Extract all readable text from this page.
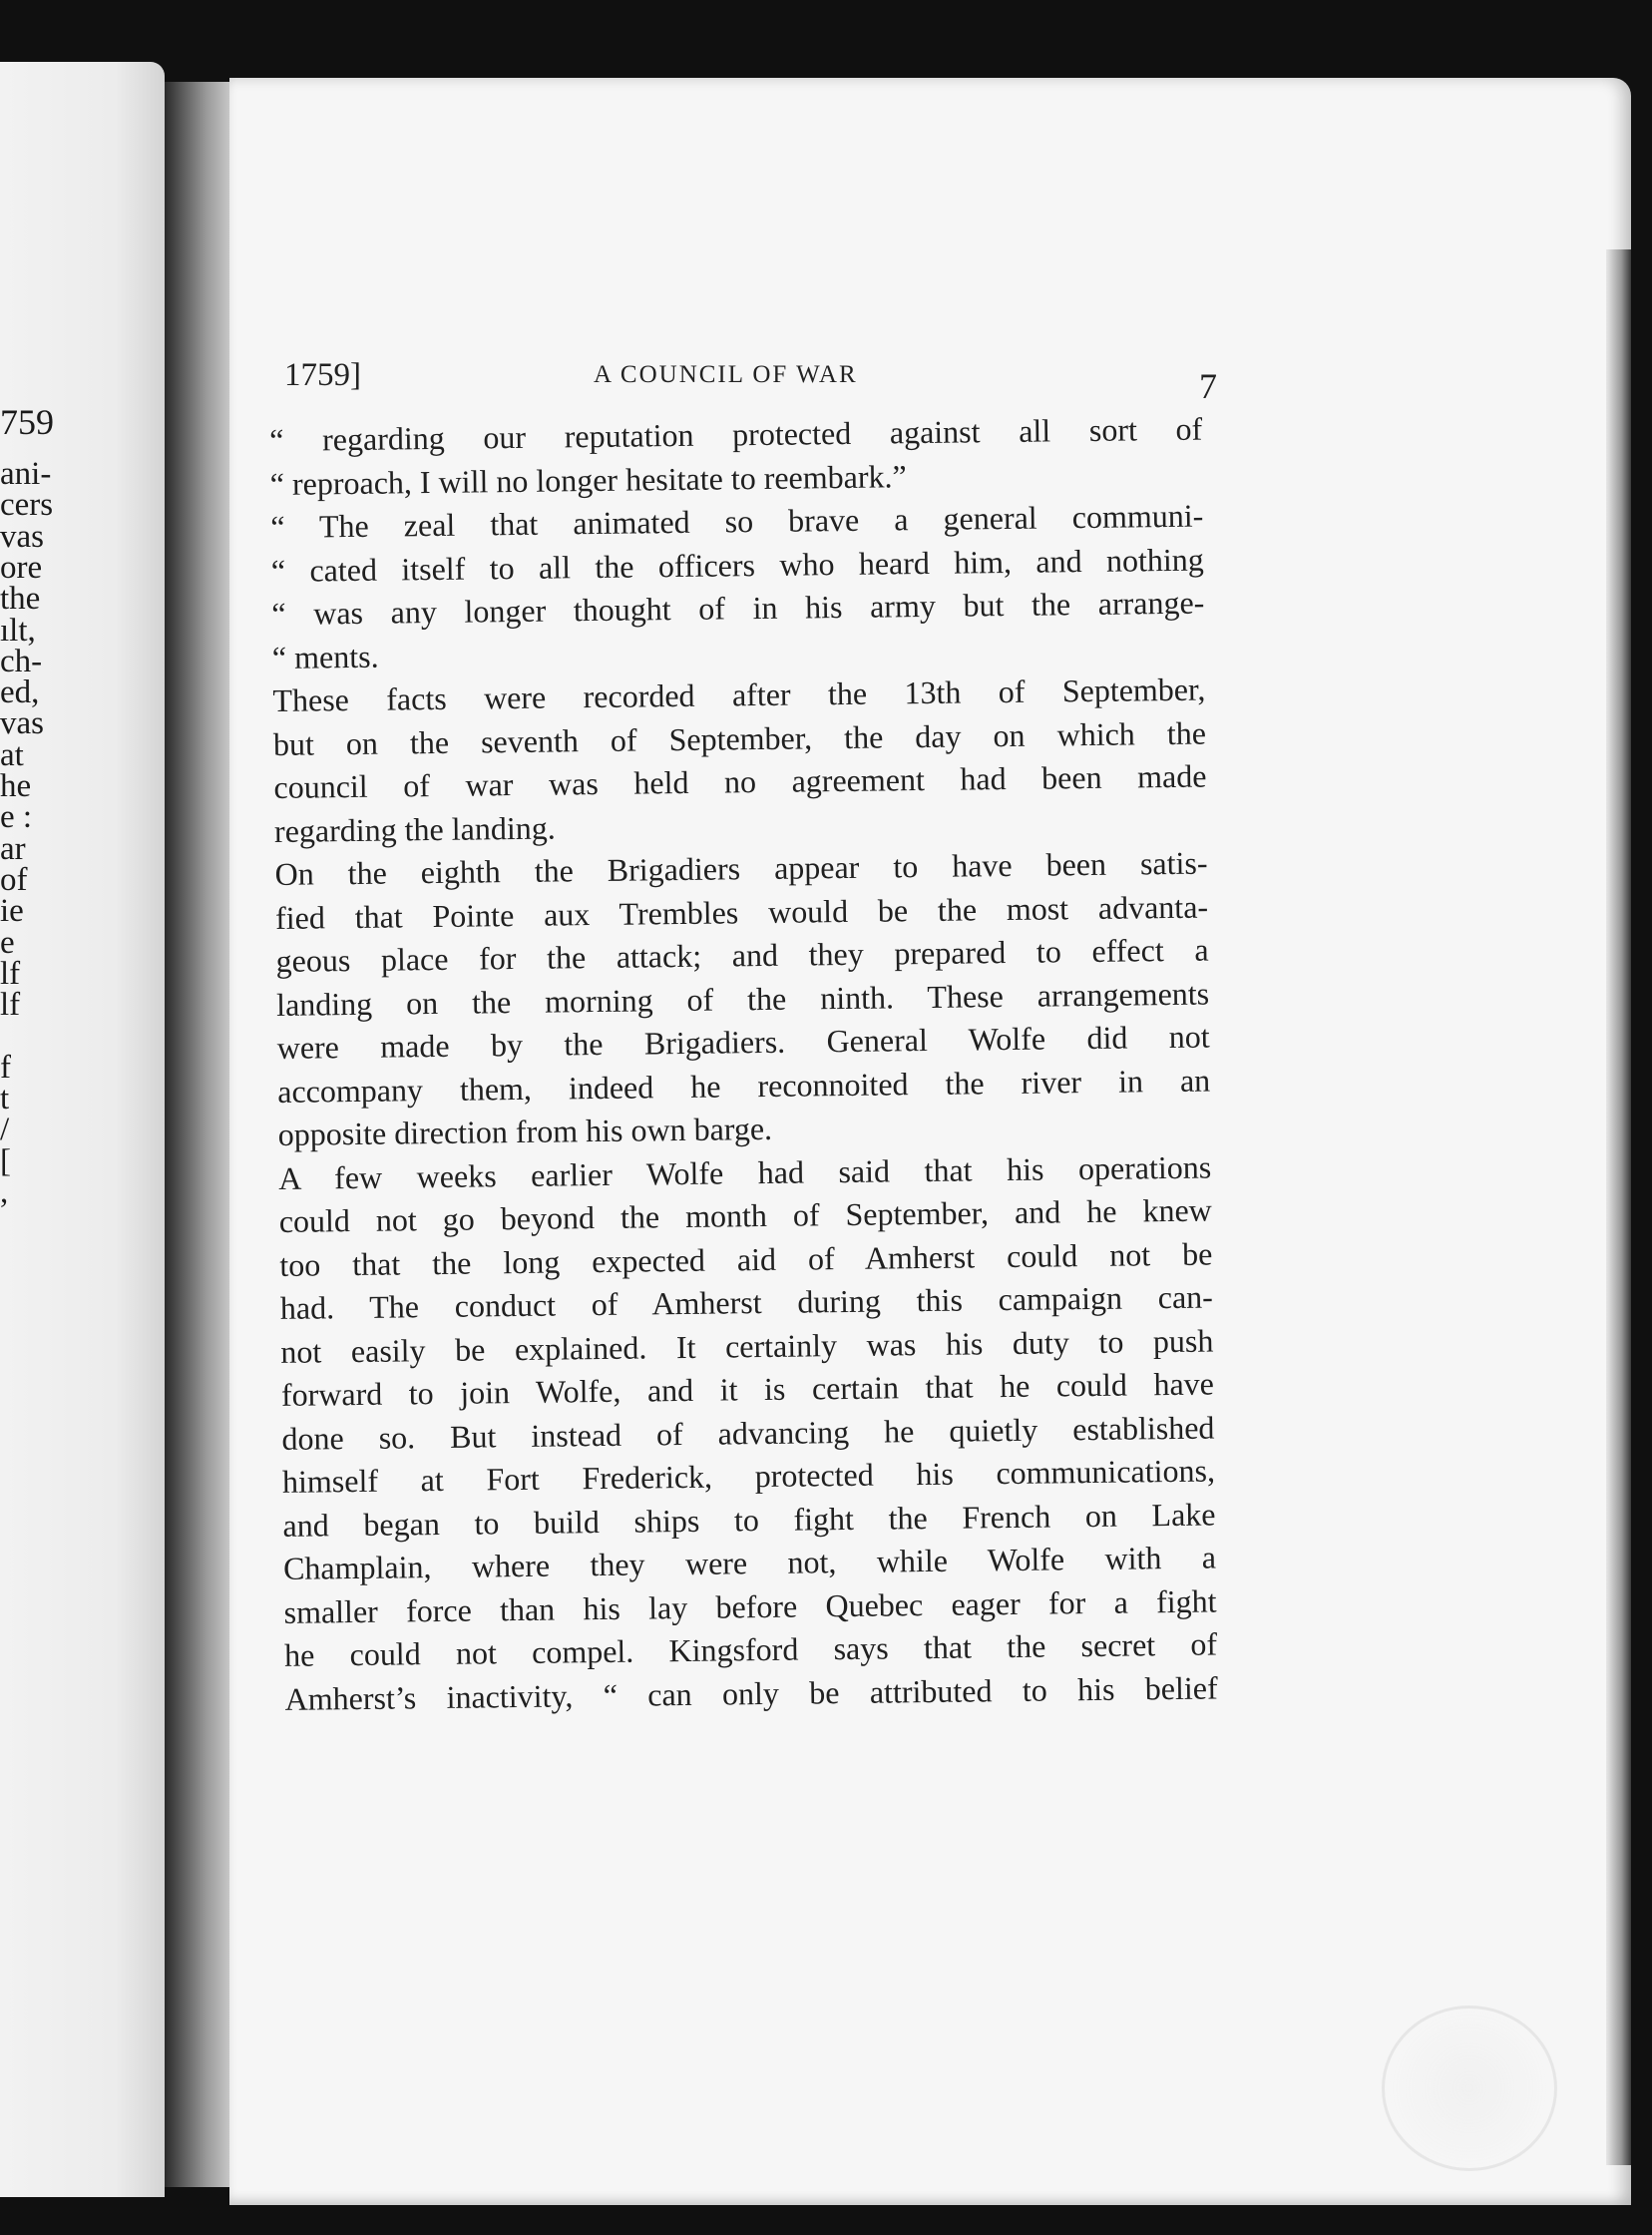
759
ani-
cers
vas
ore
the
ılt,
ch-
ed,
vas
at
he
e :
ar
of
ie
e
lf
lf
f
t
/
[
,
1759]	A COUNCIL OF WAR	7
“ regarding our reputation protected against all sort of
“ reproach, I will no longer hesitate to reembark.”
“ The zeal that animated so brave a general communi-
“ cated itself to all the officers who heard him, and nothing
“ was any longer thought of in his army but the arrange-
“ ments.
These facts were recorded after the 13th of September,
but on the seventh of September, the day on which the
council of war was held no agreement had been made
regarding the landing.
On the eighth the Brigadiers appear to have been satis-
fied that Pointe aux Trembles would be the most advanta-
geous place for the attack; and they prepared to effect a
landing on the morning of the ninth. These arrangements
were made by the Brigadiers. General Wolfe did not
accompany them, indeed he reconnoited the river in an
opposite direction from his own barge.
A few weeks earlier Wolfe had said that his operations
could not go beyond the month of September, and he knew
too that the long expected aid of Amherst could not be
had. The conduct of Amherst during this campaign can-
not easily be explained. It certainly was his duty to push
forward to join Wolfe, and it is certain that he could have
done so. But instead of advancing he quietly established
himself at Fort Frederick, protected his communications,
and began to build ships to fight the French on Lake
Champlain, where they were not, while Wolfe with a
smaller force than his lay before Quebec eager for a fight
he could not compel. Kingsford says that the secret of
Amherst’s inactivity, “ can only be attributed to his belief
